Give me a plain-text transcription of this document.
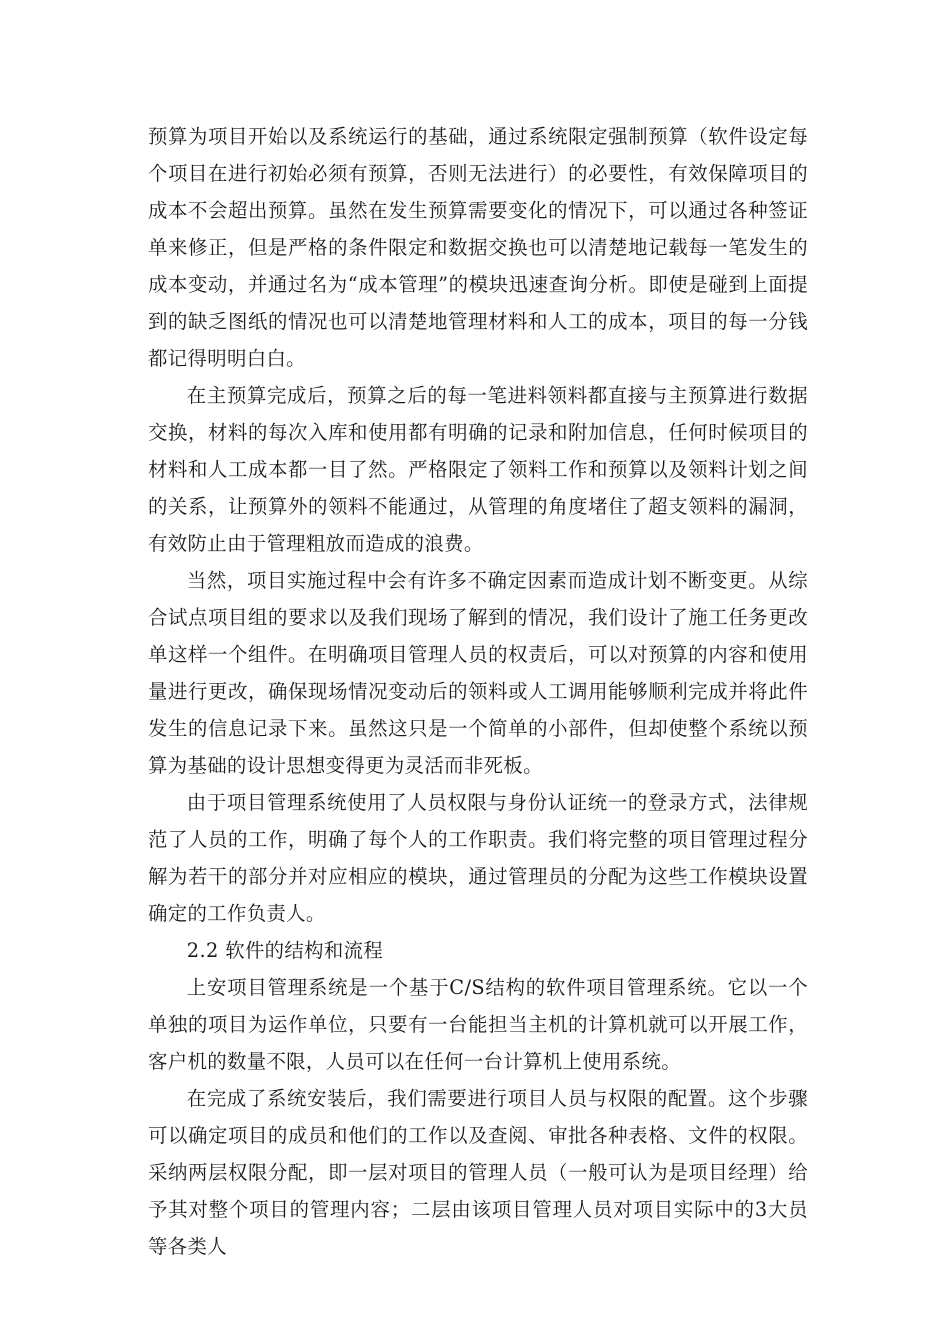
预算为项目开始以及系统运行的基础，通过系统限定强制预算（软件设定每个项目在进行初始必须有预算，否则无法进行）的必要性，有效保障项目的成本不会超出预算。虽然在发生预算需要变化的情况下，可以通过各种签证单来修正，但是严格的条件限定和数据交换也可以清楚地记载每一笔发生的成本变动，并通过名为“成本管理”的模块迅速查询分析。即使是碰到上面提到的缺乏图纸的情况也可以清楚地管理材料和人工的成本，项目的每一分钱都记得明明白白。

在主预算完成后，预算之后的每一笔进料领料都直接与主预算进行数据交换，材料的每次入库和使用都有明确的记录和附加信息，任何时候项目的材料和人工成本都一目了然。严格限定了领料工作和预算以及领料计划之间的关系，让预算外的领料不能通过，从管理的角度堵住了超支领料的漏洞，有效防止由于管理粗放而造成的浪费。

当然，项目实施过程中会有许多不确定因素而造成计划不断变更。从综合试点项目组的要求以及我们现场了解到的情况，我们设计了施工任务更改单这样一个组件。在明确项目管理人员的权责后，可以对预算的内容和使用量进行更改，确保现场情况变动后的领料或人工调用能够顺利完成并将此件发生的信息记录下来。虽然这只是一个简单的小部件，但却使整个系统以预算为基础的设计思想变得更为灵活而非死板。

由于项目管理系统使用了人员权限与身份认证统一的登录方式，法律规范了人员的工作，明确了每个人的工作职责。我们将完整的项目管理过程分解为若干的部分并对应相应的模块，通过管理员的分配为这些工作模块设置确定的工作负责人。

2.2 软件的结构和流程

上安项目管理系统是一个基于C/S结构的软件项目管理系统。它以一个单独的项目为运作单位，只要有一台能担当主机的计算机就可以开展工作，客户机的数量不限，人员可以在任何一台计算机上使用系统。

在完成了系统安装后，我们需要进行项目人员与权限的配置。这个步骤可以确定项目的成员和他们的工作以及查阅、审批各种表格、文件的权限。采纳两层权限分配，即一层对项目的管理人员（一般可认为是项目经理）给予其对整个项目的管理内容；二层由该项目管理人员对项目实际中的3大员等各类人
